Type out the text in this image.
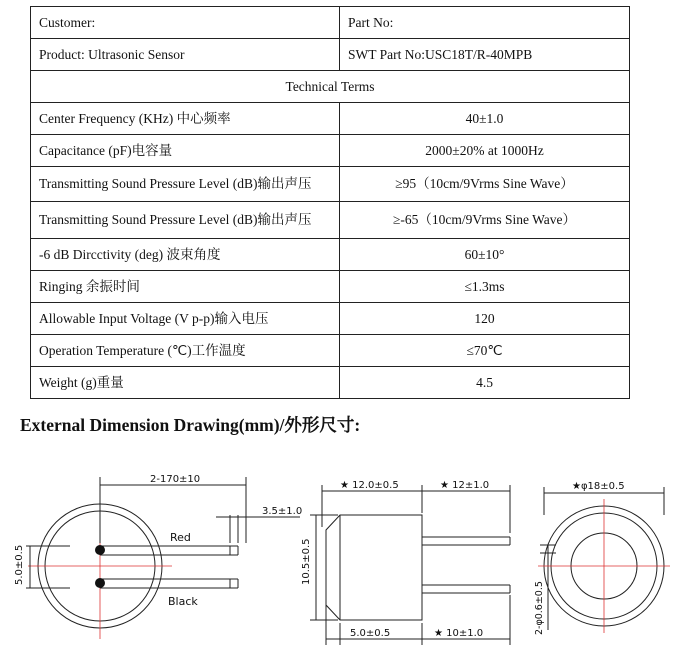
Customer:	Part No:
Product: Ultrasonic Sensor	SWT Part No:USC18T/R-40MPB
Technical Terms	
Center Frequency (KHz) 中心频率	40±1.0
Capacitance (pF)电容量	2000±20% at 1000Hz
Transmitting Sound Pressure Level (dB)输出声压	≥95（10cm/9Vrms Sine Wave）
Transmitting Sound Pressure Level (dB)输出声压	≥-65（10cm/9Vrms Sine Wave）
-6 dB Dircctivity (deg) 波束角度	60±10°
Ringing 余振时间	≤1.3ms
Allowable Input Voltage (V p-p)输入电压	120
Operation Temperature (℃)工作温度	≤70℃
Weight (g)重量	4.5
External Dimension Drawing(mm)/外形尺寸:
2-170±10
3.5±1.0
Red
Black
5.0±0.5
★ 12.0±0.5	★ 12±1.0
10.5±0.5
5.0±0.5	★ 10±1.0
★φ18±0.5
2-φ0.6±0.5
